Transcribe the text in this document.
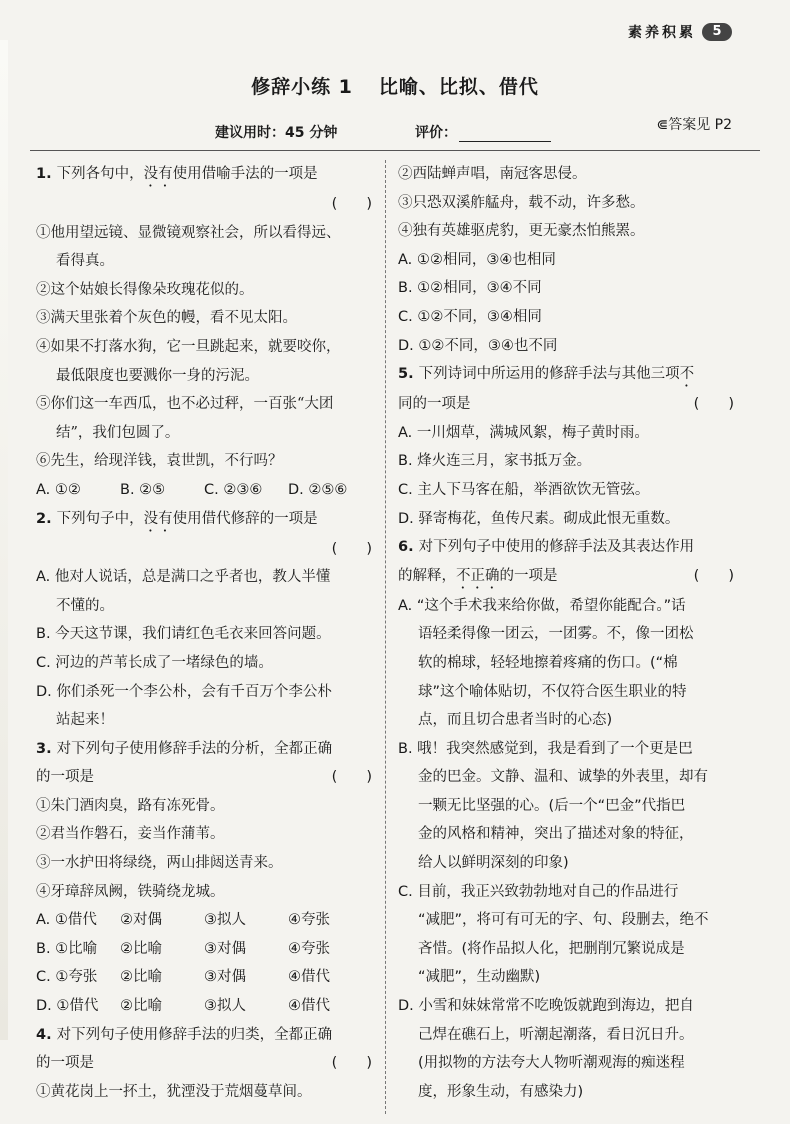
素养积累	5
修辞小练 1 比喻、比拟、借代
⋐答案见 P2
建议用时：45 分钟	评价：
1. 下列各句中，没有使用借喻手法的一项是
(　　)
①他用望远镜、显微镜观察社会，所以看得远、
看得真。
②这个姑娘长得像朵玫瑰花似的。
③满天里张着个灰色的幔，看不见太阳。
④如果不打落水狗，它一旦跳起来，就要咬你，
最低限度也要溅你一身的污泥。
⑤你们这一车西瓜，也不必过秤，一百张“大团
结”，我们包圆了。
⑥先生，给现洋钱，袁世凯，不行吗？
A. ①②	B. ②⑤	C. ②③⑥	D. ②⑤⑥
2. 下列句子中，没有使用借代修辞的一项是
(　　)
A. 他对人说话，总是满口之乎者也，教人半懂
不懂的。
B. 今天这节课，我们请红色毛衣来回答问题。
C. 河边的芦苇长成了一堵绿色的墙。
D. 你们杀死一个李公朴，会有千百万个李公朴
站起来！
3. 对下列句子使用修辞手法的分析，全都正确
的一项是	(　　)
①朱门酒肉臭，路有冻死骨。
②君当作磐石，妾当作蒲苇。
③一水护田将绿绕，两山排闼送青来。
④牙璋辞凤阙，铁骑绕龙城。
A. ①借代	②对偶	③拟人	④夸张
B. ①比喻	②比喻	③对偶	④夸张
C. ①夸张	②比喻	③对偶	④借代
D. ①借代	②比喻	③拟人	④借代
4. 对下列句子使用修辞手法的归类，全都正确
的一项是	(　　)
①黄花岗上一抔土，犹湮没于荒烟蔓草间。
②西陆蝉声唱，南冠客思侵。
③只恐双溪舴艋舟，载不动，许多愁。
④独有英雄驱虎豹，更无豪杰怕熊罴。
A. ①②相同，③④也相同
B. ①②相同，③④不同
C. ①②不同，③④相同
D. ①②不同，③④也不同
5. 下列诗词中所运用的修辞手法与其他三项不
同的一项是	(　　)
A. 一川烟草，满城风絮，梅子黄时雨。
B. 烽火连三月，家书抵万金。
C. 主人下马客在船，举酒欲饮无管弦。
D. 驿寄梅花，鱼传尺素。砌成此恨无重数。
6. 对下列句子中使用的修辞手法及其表达作用
的解释，不正确的一项是	(　　)
A. “这个手术我来给你做，希望你能配合。”话
语轻柔得像一团云，一团雾。不，像一团松
软的棉球，轻轻地擦着疼痛的伤口。(“棉
球”这个喻体贴切，不仅符合医生职业的特
点，而且切合患者当时的心态)
B. 哦！我突然感觉到，我是看到了一个更是巴
金的巴金。文静、温和、诚挚的外表里，却有
一颗无比坚强的心。(后一个“巴金”代指巴
金的风格和精神，突出了描述对象的特征，
给人以鲜明深刻的印象)
C. 目前，我正兴致勃勃地对自己的作品进行
“减肥”，将可有可无的字、句、段删去，绝不
吝惜。(将作品拟人化，把删削冗繁说成是
“减肥”，生动幽默)
D. 小雪和妹妹常常不吃晚饭就跑到海边，把自
己焊在礁石上，听潮起潮落，看日沉日升。
(用拟物的方法夸大人物听潮观海的痴迷程
度，形象生动，有感染力)
